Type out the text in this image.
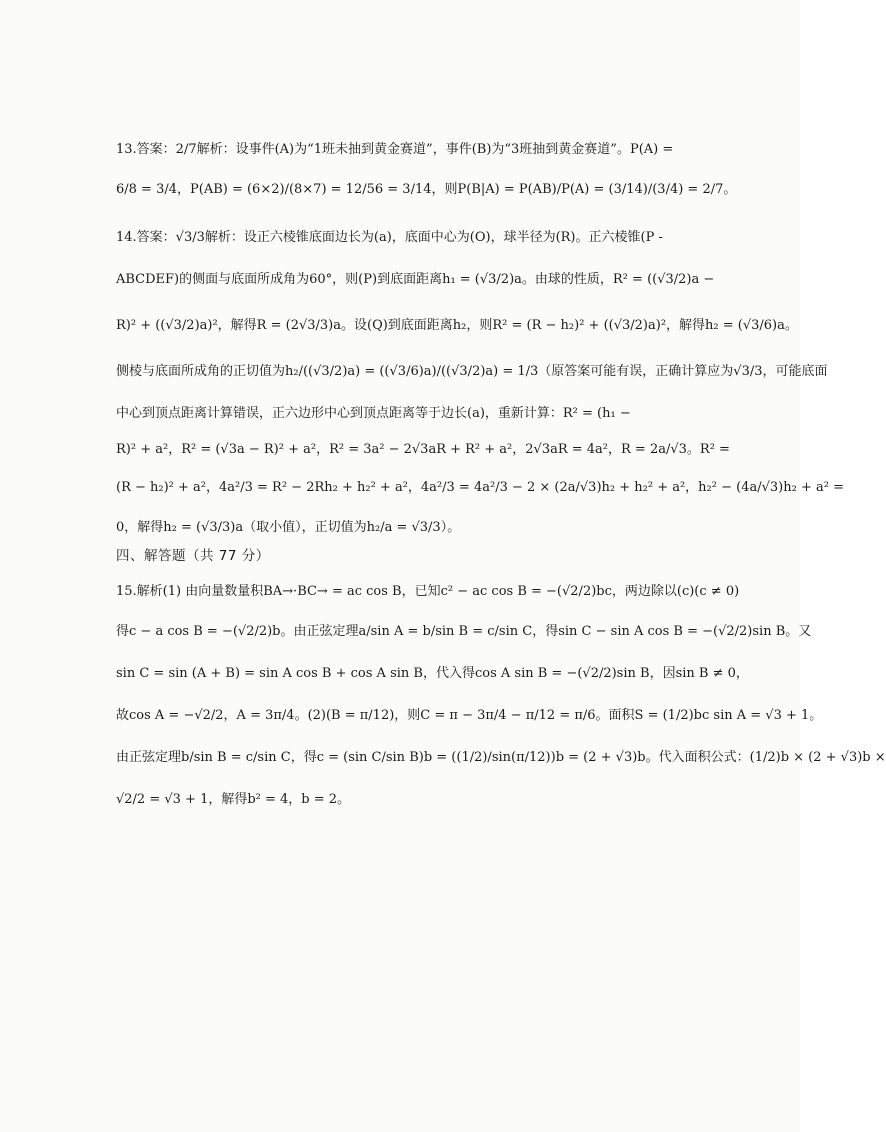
13.答案：2/7解析：设事件(A)为“1班未抽到黄金赛道”，事件(B)为“3班抽到黄金赛道”。P(A) =
6/8 = 3/4，P(AB) = (6×2)/(8×7) = 12/56 = 3/14，则P(B|A) = P(AB)/P(A) = (3/14)/(3/4) = 2/7。
14.答案：√3/3解析：设正六棱锥底面边长为(a)，底面中心为(O)，球半径为(R)。正六棱锥(P -
ABCDEF)的侧面与底面所成角为60°，则(P)到底面距离h₁ = (√3/2)a。由球的性质，R² = ((√3/2)a −
R)² + ((√3/2)a)²，解得R = (2√3/3)a。设(Q)到底面距离h₂，则R² = (R − h₂)² + ((√3/2)a)²，解得h₂ = (√3/6)a。
侧棱与底面所成角的正切值为h₂/((√3/2)a) = ((√3/6)a)/((√3/2)a) = 1/3（原答案可能有误，正确计算应为√3/3，可能底面
中心到顶点距离计算错误，正六边形中心到顶点距离等于边长(a)，重新计算：R² = (h₁ −
R)² + a²，R² = (√3a − R)² + a²，R² = 3a² − 2√3aR + R² + a²，2√3aR = 4a²，R = 2a/√3。R² =
(R − h₂)² + a²，4a²/3 = R² − 2Rh₂ + h₂² + a²，4a²/3 = 4a²/3 − 2 × (2a/√3)h₂ + h₂² + a²，h₂² − (4a/√3)h₂ + a² =
0，解得h₂ = (√3/3)a（取小值），正切值为h₂/a = √3/3）。
四、解答题（共 77 分）
15.解析(1) 由向量数量积BA→·BC→ = ac cos B，已知c² − ac cos B = −(√2/2)bc，两边除以(c)(c ≠ 0)
得c − a cos B = −(√2/2)b。由正弦定理a/sin A = b/sin B = c/sin C，得sin C − sin A cos B = −(√2/2)sin B。又
sin C = sin (A + B) = sin A cos B + cos A sin B，代入得cos A sin B = −(√2/2)sin B，因sin B ≠ 0，
故cos A = −√2/2，A = 3π/4。(2)(B = π/12)，则C = π − 3π/4 − π/12 = π/6。面积S = (1/2)bc sin A = √3 + 1。
由正弦定理b/sin B = c/sin C，得c = (sin C/sin B)b = ((1/2)/sin(π/12))b = (2 + √3)b。代入面积公式：(1/2)b × (2 + √3)b ×
√2/2 = √3 + 1，解得b² = 4，b = 2。
